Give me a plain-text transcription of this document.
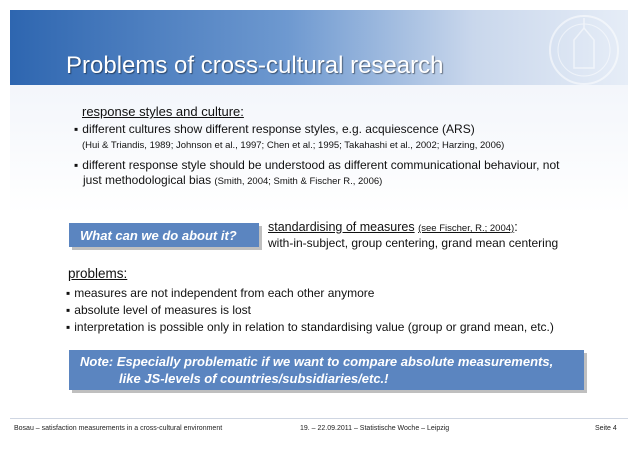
Problems of cross-cultural research
response styles and culture:
▪ different cultures show different response styles, e.g. acquiescence (ARS)
(Hui & Triandis, 1989; Johnson et al., 1997; Chen et al.; 1995; Takahashi et al., 2002; Harzing, 2006)
▪ different response style should be understood as different communicational behaviour, not
just methodological bias (Smith, 2004; Smith & Fischer R., 2006)
What can we do about it?
standardising of measures (see Fischer, R.; 2004):
with-in-subject, group centering, grand mean centering
problems:
▪ measures are not independent from each other anymore
▪ absolute level of measures is lost
▪ interpretation is possible only in relation to standardising value (group or grand mean, etc.)
Note: Especially problematic if we want to compare absolute measurements,
like JS-levels of countries/subsidiaries/etc.!
Bosau – satisfaction measurements in a cross-cultural environment	19. – 22.09.2011 – Statistische Woche – Leipzig	Seite 4
